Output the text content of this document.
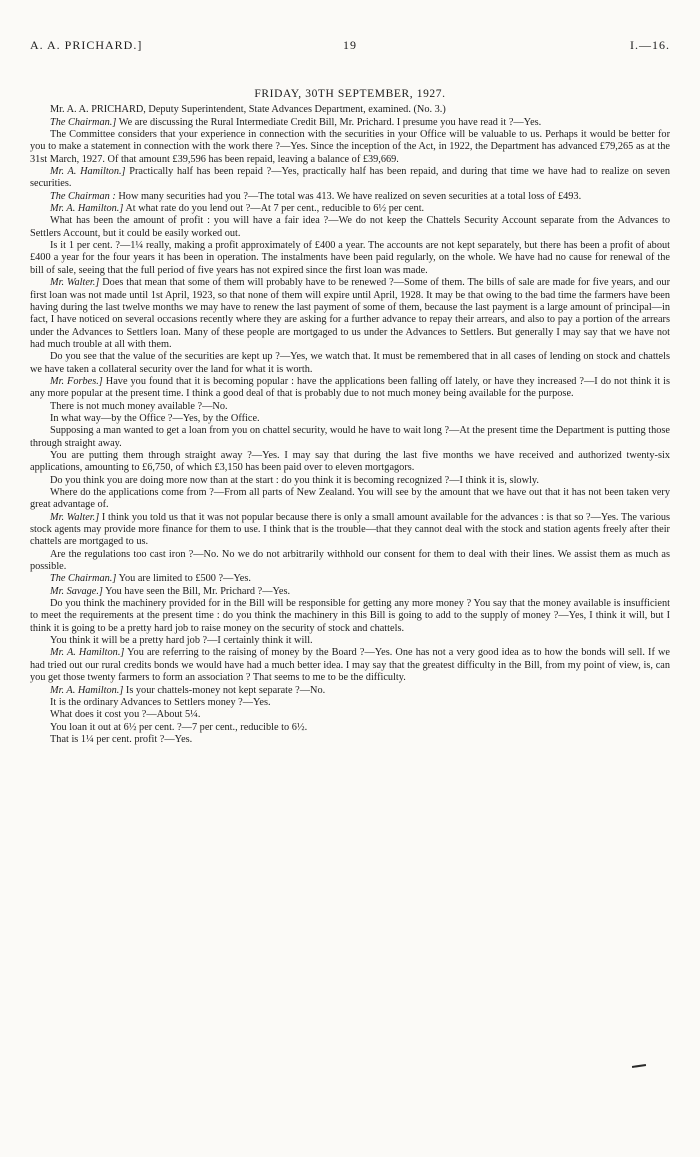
A. A. PRICHARD.]	19	I.—16.

FRIDAY, 30TH SEPTEMBER, 1927.

Mr. A. A. PRICHARD, Deputy Superintendent, State Advances Department, examined. (No. 3.)

The Chairman.] We are discussing the Rural Intermediate Credit Bill, Mr. Prichard. I presume you have read it ?—Yes.

The Committee considers that your experience in connection with the securities in your Office will be valuable to us. Perhaps it would be better for you to make a statement in connection with the work there ?—Yes. Since the inception of the Act, in 1922, the Department has advanced £79,265 as at the 31st March, 1927. Of that amount £39,596 has been repaid, leaving a balance of £39,669.

Mr. A. Hamilton.] Practically half has been repaid ?—Yes, practically half has been repaid, and during that time we have had to realize on seven securities.

The Chairman : How many securities had you ?—The total was 413. We have realized on seven securities at a total loss of £493.

Mr. A. Hamilton.] At what rate do you lend out ?—At 7 per cent., reducible to 6½ per cent.

What has been the amount of profit : you will have a fair idea ?—We do not keep the Chattels Security Account separate from the Advances to Settlers Account, but it could be easily worked out.

Is it 1 per cent. ?—1¼ really, making a profit approximately of £400 a year. The accounts are not kept separately, but there has been a profit of about £400 a year for the four years it has been in operation. The instalments have been paid regularly, on the whole. We have had no cause for renewal of the bill of sale, seeing that the full period of five years has not expired since the first loan was made.

Mr. Walter.] Does that mean that some of them will probably have to be renewed ?—Some of them. The bills of sale are made for five years, and our first loan was not made until 1st April, 1923, so that none of them will expire until April, 1928. It may be that owing to the bad time the farmers have been having during the last twelve months we may have to renew the last payment of some of them, because the last payment is a large amount of principal—in fact, I have noticed on several occasions recently where they are asking for a further advance to repay their arrears, and also to pay a portion of the arrears under the Advances to Settlers loan. Many of these people are mortgaged to us under the Advances to Settlers. But generally I may say that we have not had much trouble at all with them.

Do you see that the value of the securities are kept up ?—Yes, we watch that. It must be remembered that in all cases of lending on stock and chattels we have taken a collateral security over the land for what it is worth.

Mr. Forbes.] Have you found that it is becoming popular : have the applications been falling off lately, or have they increased ?—I do not think it is any more popular at the present time. I think a good deal of that is probably due to not much money being available for the purpose.

There is not much money available ?—No.

In what way—by the Office ?—Yes, by the Office.

Supposing a man wanted to get a loan from you on chattel security, would he have to wait long ?—At the present time the Department is putting those through straight away.

You are putting them through straight away ?—Yes. I may say that during the last five months we have received and authorized twenty-six applications, amounting to £6,750, of which £3,150 has been paid over to eleven mortgagors.

Do you think you are doing more now than at the start : do you think it is becoming recognized ?—I think it is, slowly.

Where do the applications come from ?—From all parts of New Zealand. You will see by the amount that we have out that it has not been taken very great advantage of.

Mr. Walter.] I think you told us that it was not popular because there is only a small amount available for the advances : is that so ?—Yes. The various stock agents may provide more finance for them to use. I think that is the trouble—that they cannot deal with the stock and station agents freely after their chattels are mortgaged to us.

Are the regulations too cast iron ?—No. No we do not arbitrarily withhold our consent for them to deal with their lines. We assist them as much as possible.

The Chairman.] You are limited to £500 ?—Yes.

Mr. Savage.] You have seen the Bill, Mr. Prichard ?—Yes.

Do you think the machinery provided for in the Bill will be responsible for getting any more money ? You say that the money available is insufficient to meet the requirements at the present time : do you think the machinery in this Bill is going to add to the supply of money ?—Yes, I think it will, but I think it is going to be a pretty hard job to raise money on the security of stock and chattels.

You think it will be a pretty hard job ?—I certainly think it will.

Mr. A. Hamilton.] You are referring to the raising of money by the Board ?—Yes. One has not a very good idea as to how the bonds will sell. If we had tried out our rural credits bonds we would have had a much better idea. I may say that the greatest difficulty in the Bill, from my point of view, is, can you get those twenty farmers to form an association ? That seems to me to be the difficulty.

Mr. A. Hamilton.] Is your chattels-money not kept separate ?—No.

It is the ordinary Advances to Settlers money ?—Yes.

What does it cost you ?—About 5¼.

You loan it out at 6½ per cent. ?—7 per cent., reducible to 6½.

That is 1¼ per cent. profit ?—Yes.
